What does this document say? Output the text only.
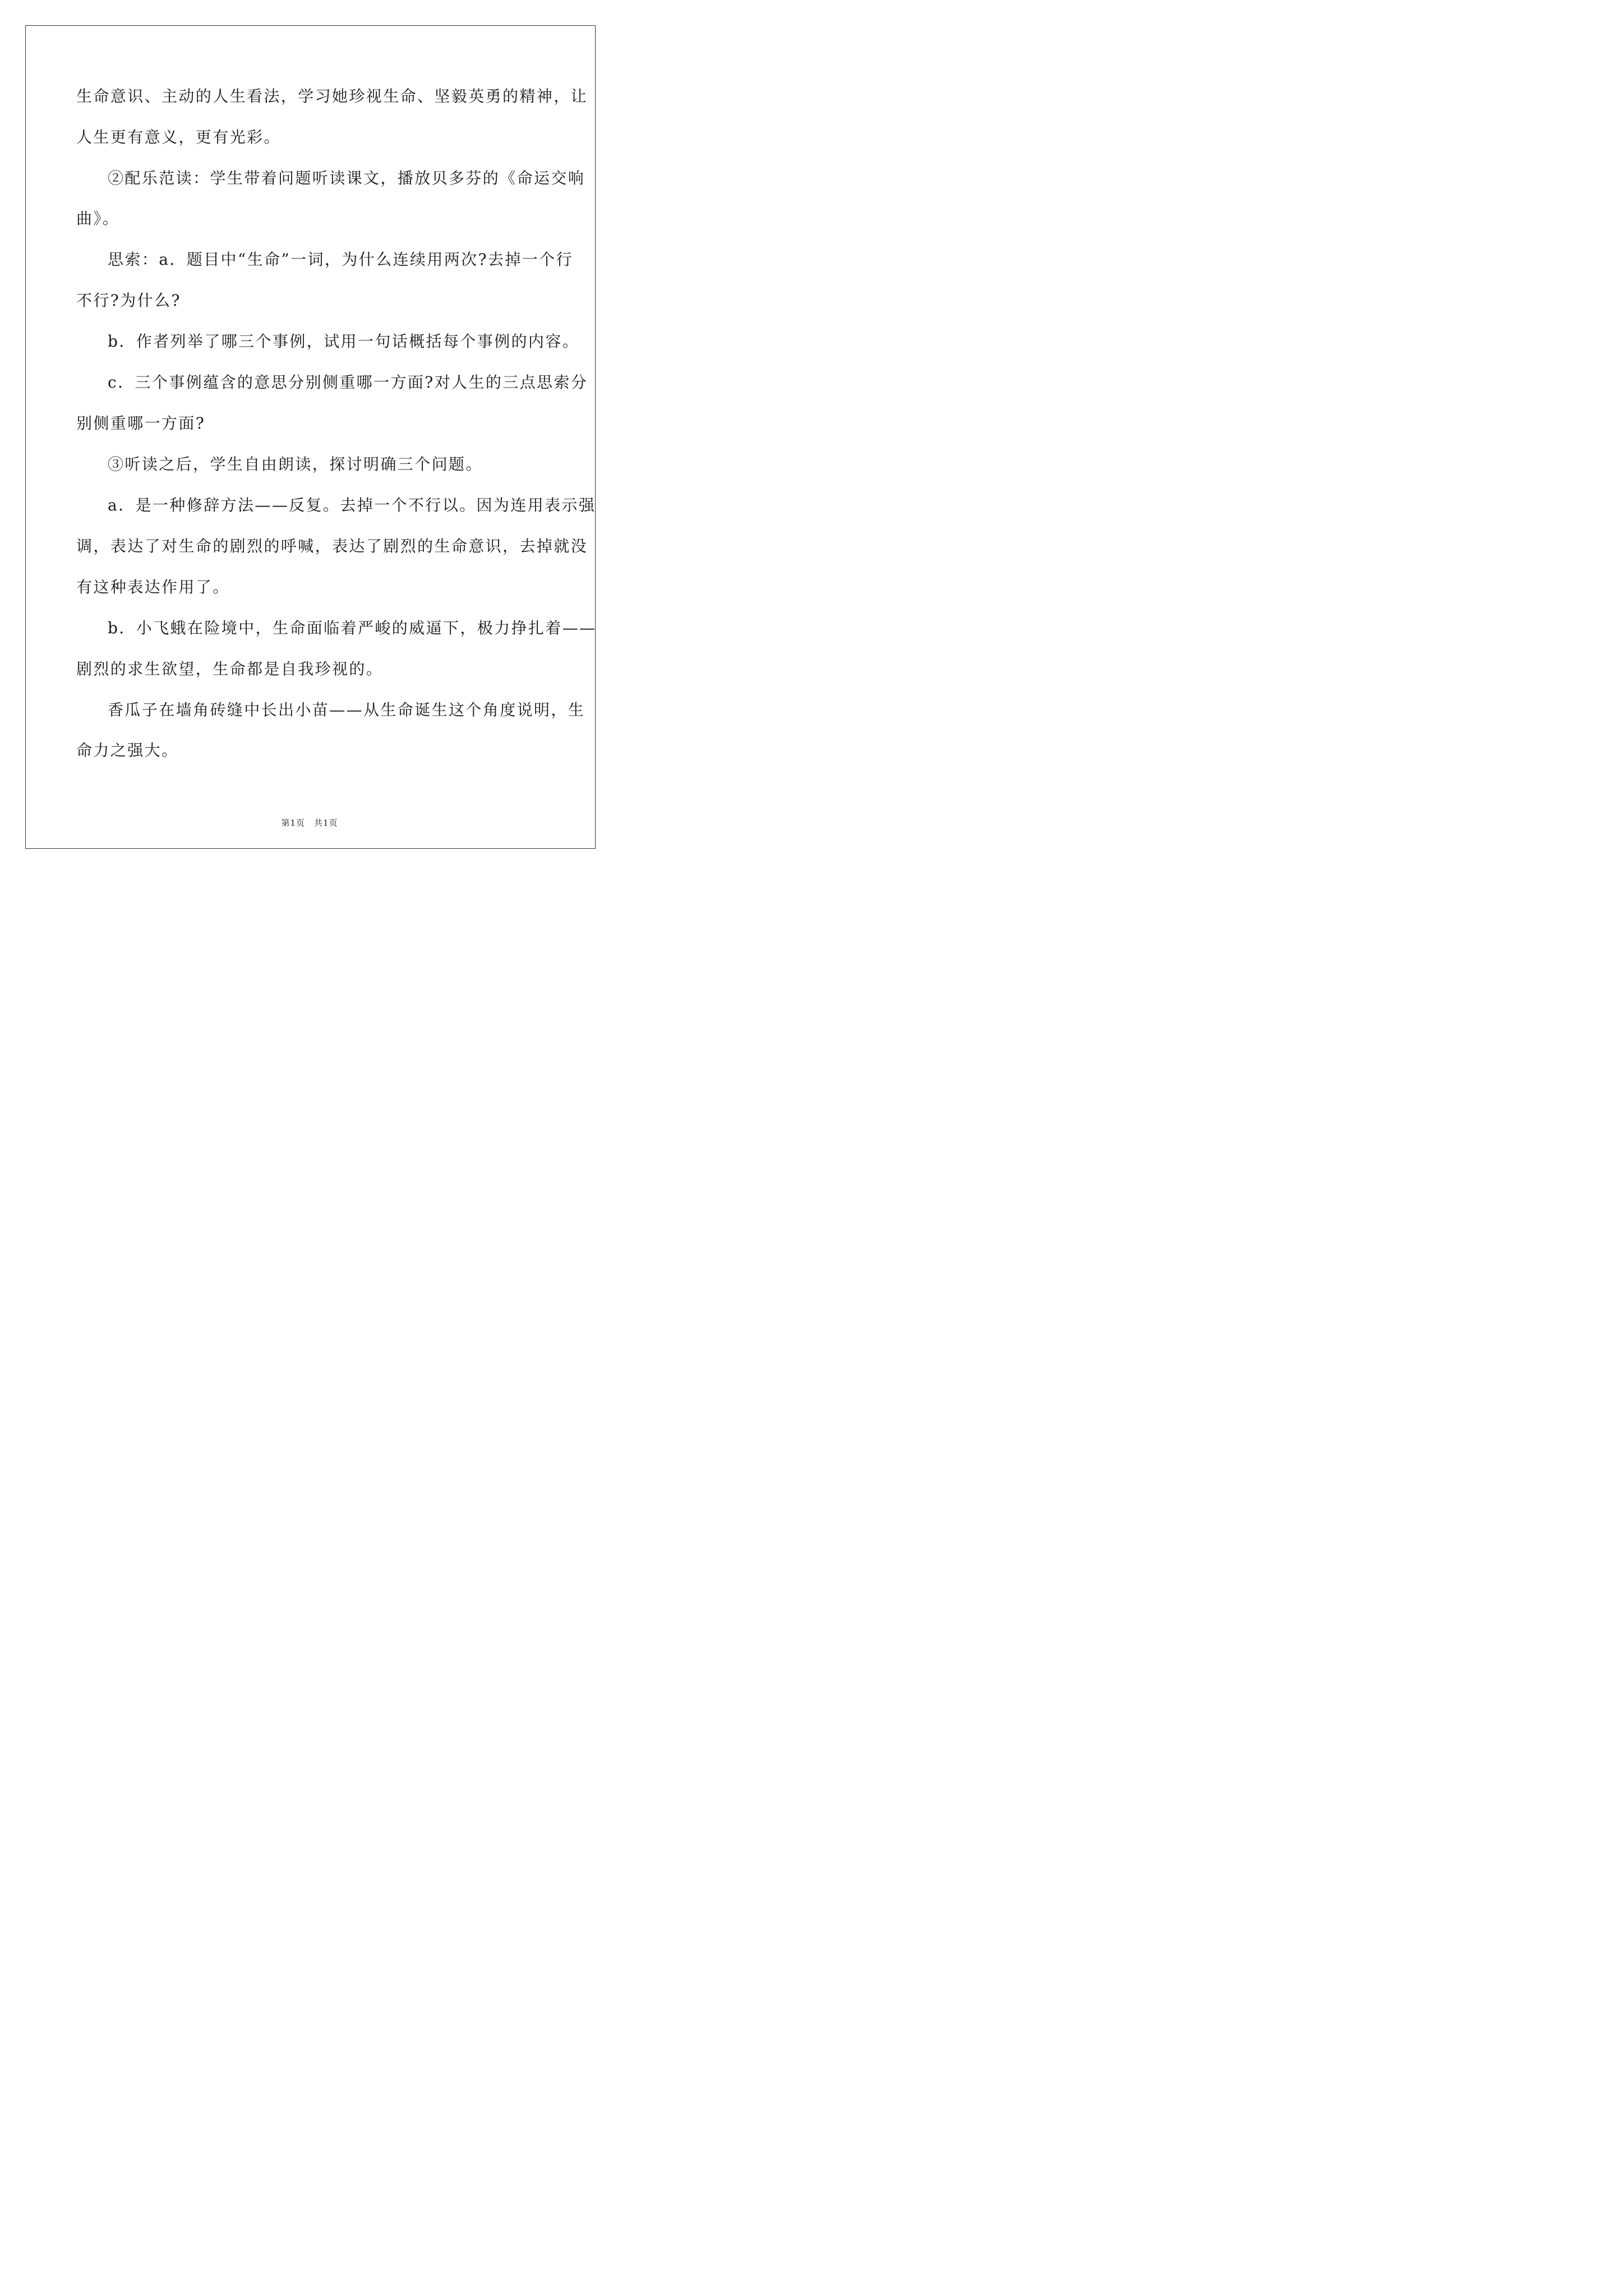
生命意识、主动的人生看法，学习她珍视生命、坚毅英勇的精神，让
人生更有意义，更有光彩。
②配乐范读：学生带着问题听读课文，播放贝多芬的《命运交响
曲》。
思索：a．题目中“生命”一词，为什么连续用两次?去掉一个行
不行?为什么?
b．作者列举了哪三个事例，试用一句话概括每个事例的内容。
c．三个事例蕴含的意思分别侧重哪一方面?对人生的三点思索分
别侧重哪一方面?
③听读之后，学生自由朗读，探讨明确三个问题。
a．是一种修辞方法——反复。去掉一个不行以。因为连用表示强
调，表达了对生命的剧烈的呼喊，表达了剧烈的生命意识，去掉就没
有这种表达作用了。
b．小飞蛾在险境中，生命面临着严峻的威逼下，极力挣扎着——
剧烈的求生欲望，生命都是自我珍视的。
香瓜子在墙角砖缝中长出小苗——从生命诞生这个角度说明，生
命力之强大。
第1页　共1页
